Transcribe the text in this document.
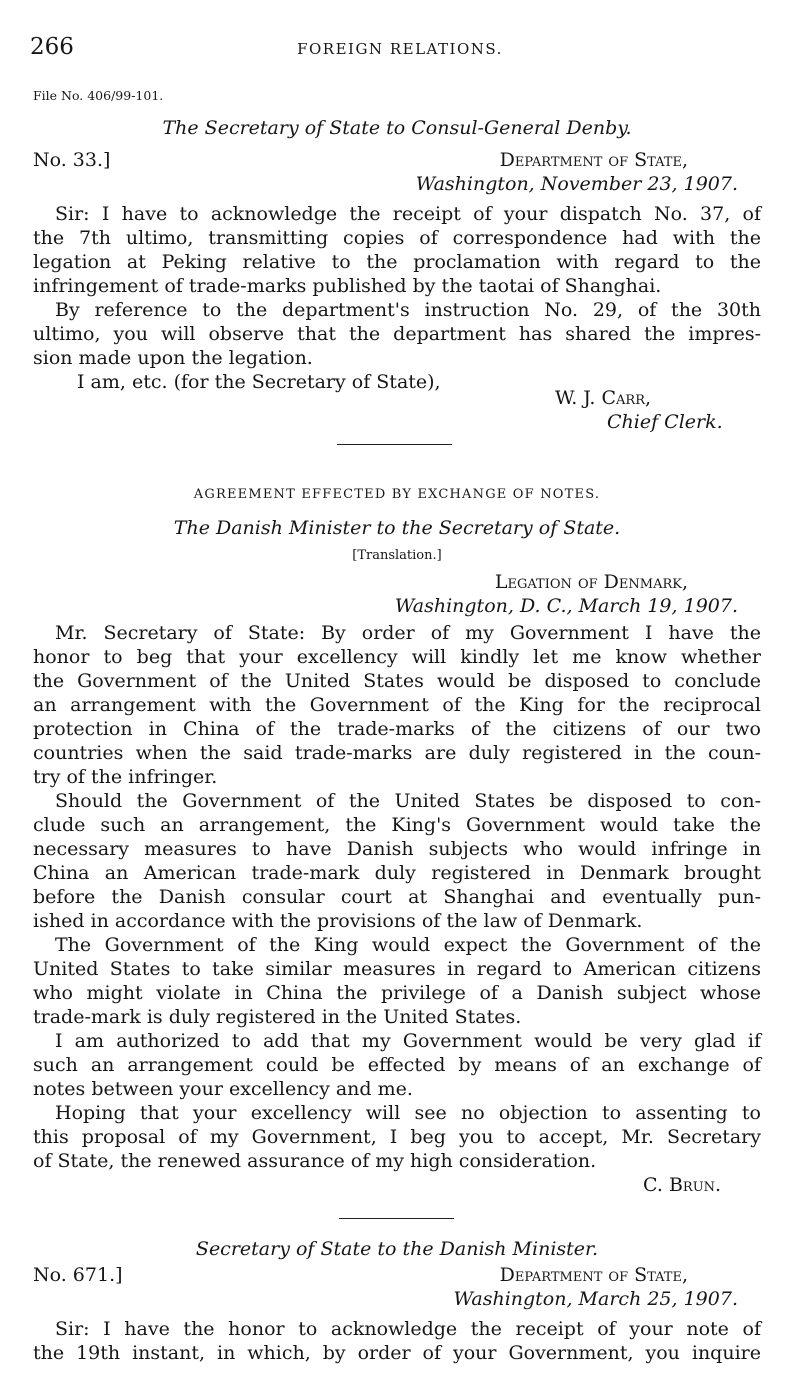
266	FOREIGN RELATIONS.
File No. 406/99-101.
The Secretary of State to Consul-General Denby.
No. 33.]	Department of State,
Washington, November 23, 1907.
Sir: I have to acknowledge the receipt of your dispatch No. 37, of
the 7th ultimo, transmitting copies of correspondence had with the
legation at Peking relative to the proclamation with regard to the
infringement of trade-marks published by the taotai of Shanghai.
By reference to the department's instruction No. 29, of the 30th
ultimo, you will observe that the department has shared the impres-
sion made upon the legation.
I am, etc. (for the Secretary of State),
W. J. Carr,
Chief Clerk.
AGREEMENT EFFECTED BY EXCHANGE OF NOTES.
The Danish Minister to the Secretary of State.
[Translation.]
Legation of Denmark,
Washington, D. C., March 19, 1907.
Mr. Secretary of State: By order of my Government I have the
honor to beg that your excellency will kindly let me know whether
the Government of the United States would be disposed to conclude
an arrangement with the Government of the King for the reciprocal
protection in China of the trade-marks of the citizens of our two
countries when the said trade-marks are duly registered in the coun-
try of the infringer.
Should the Government of the United States be disposed to con-
clude such an arrangement, the King's Government would take the
necessary measures to have Danish subjects who would infringe in
China an American trade-mark duly registered in Denmark brought
before the Danish consular court at Shanghai and eventually pun-
ished in accordance with the provisions of the law of Denmark.
The Government of the King would expect the Government of the
United States to take similar measures in regard to American citizens
who might violate in China the privilege of a Danish subject whose
trade-mark is duly registered in the United States.
I am authorized to add that my Government would be very glad if
such an arrangement could be effected by means of an exchange of
notes between your excellency and me.
Hoping that your excellency will see no objection to assenting to
this proposal of my Government, I beg you to accept, Mr. Secretary
of State, the renewed assurance of my high consideration.
C. Brun.
Secretary of State to the Danish Minister.
No. 671.]	Department of State,
Washington, March 25, 1907.
Sir: I have the honor to acknowledge the receipt of your note of
the 19th instant, in which, by order of your Government, you inquire
